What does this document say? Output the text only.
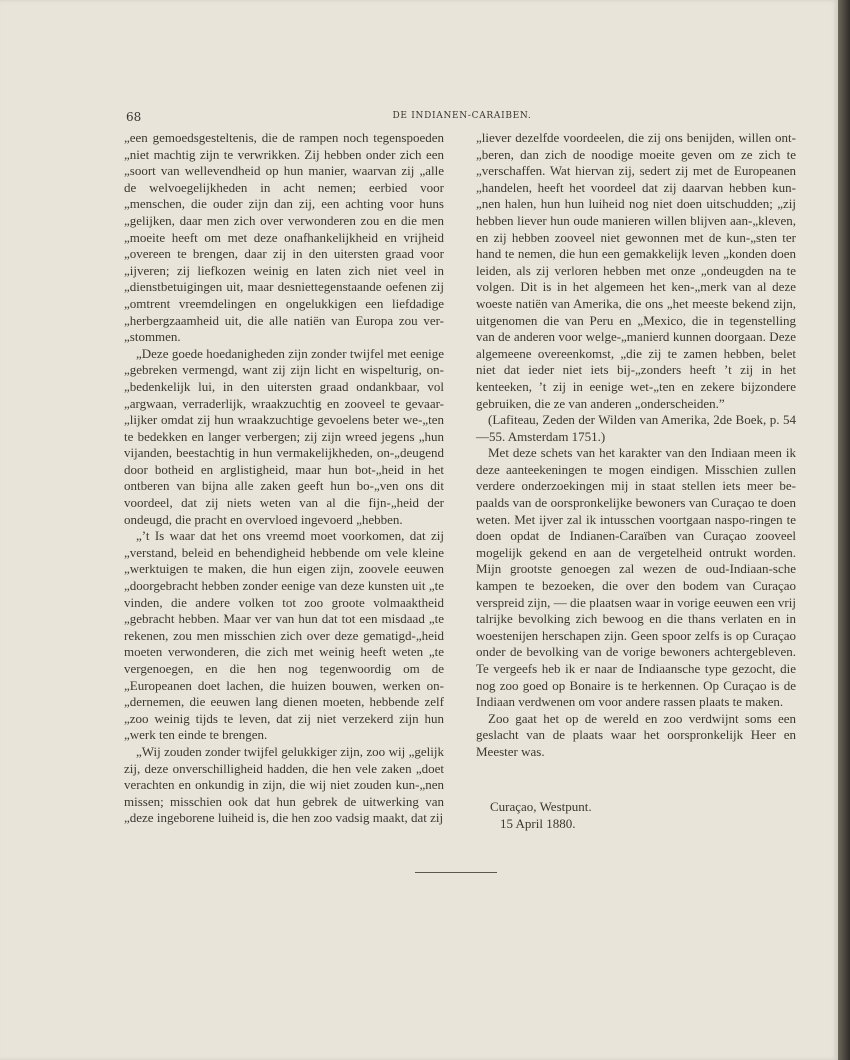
68	DE INDIANEN-CARAIBEN.

„een gemoedsgesteltenis, die de rampen noch tegenspoeden „niet machtig zijn te verwrikken. Zij hebben onder zich een „soort van wellevendheid op hun manier, waarvan zij „alle de welvoegelijkheden in acht nemen; eerbied voor „menschen, die ouder zijn dan zij, een achting voor huns „gelijken, daar men zich over verwonderen zou en die men „moeite heeft om met deze onafhankelijkheid en vrijheid „overeen te brengen, daar zij in den uitersten graad voor „ijveren; zij liefkozen weinig en laten zich niet veel in „dienstbetuigingen uit, maar desniettegenstaande oefenen zij „omtrent vreemdelingen en ongelukkigen een liefdadige „herbergzaamheid uit, die alle natiën van Europa zou ver-„stommen.

„Deze goede hoedanigheden zijn zonder twijfel met eenige „gebreken vermengd, want zij zijn licht en wispelturig, on-„bedenkelijk lui, in den uitersten graad ondankbaar, vol „argwaan, verraderlijk, wraakzuchtig en zooveel te gevaar-„lijker omdat zij hun wraakzuchtige gevoelens beter we-„ten te bedekken en langer verbergen; zij zijn wreed jegens „hun vijanden, beestachtig in hun vermakelijkheden, on-„deugend door botheid en arglistigheid, maar hun bot-„heid in het ontberen van bijna alle zaken geeft hun bo-„ven ons dit voordeel, dat zij niets weten van al die fijn-„heid der ondeugd, die pracht en overvloed ingevoerd „hebben.

„’t Is waar dat het ons vreemd moet voorkomen, dat zij „verstand, beleid en behendigheid hebbende om vele kleine „werktuigen te maken, die hun eigen zijn, zoovele eeuwen „doorgebracht hebben zonder eenige van deze kunsten uit „te vinden, die andere volken tot zoo groote volmaaktheid „gebracht hebben. Maar ver van hun dat tot een misdaad „te rekenen, zou men misschien zich over deze gematigd-„heid moeten verwonderen, die zich met weinig heeft weten „te vergenoegen, en die hen nog tegenwoordig om de „Europeanen doet lachen, die huizen bouwen, werken on-„dernemen, die eeuwen lang dienen moeten, hebbende zelf „zoo weinig tijds te leven, dat zij niet verzekerd zijn hun „werk ten einde te brengen.

„Wij zouden zonder twijfel gelukkiger zijn, zoo wij „gelijk zij, deze onverschilligheid hadden, die hen vele zaken „doet verachten en onkundig in zijn, die wij niet zouden kun-„nen missen; misschien ook dat hun gebrek de uitwerking van „deze ingeborene luiheid is, die hen zoo vadsig maakt, dat zij

„liever dezelfde voordeelen, die zij ons benijden, willen ont-„beren, dan zich de noodige moeite geven om ze zich te „verschaffen. Wat hiervan zij, sedert zij met de Europeanen „handelen, heeft het voordeel dat zij daarvan hebben kun-„nen halen, hun hun luiheid nog niet doen uitschudden; „zij hebben liever hun oude manieren willen blijven aan-„kleven, en zij hebben zooveel niet gewonnen met de kun-„sten ter hand te nemen, die hun een gemakkelijk leven „konden doen leiden, als zij verloren hebben met onze „ondeugden na te volgen. Dit is in het algemeen het ken-„merk van al deze woeste natiën van Amerika, die ons „het meeste bekend zijn, uitgenomen die van Peru en „Mexico, die in tegenstelling van de anderen voor welge-„manierd kunnen doorgaan. Deze algemeene overeenkomst, „die zij te zamen hebben, belet niet dat ieder niet iets bij-„zonders heeft ’t zij in het kenteeken, ’t zij in eenige wet-„ten en zekere bijzondere gebruiken, die ze van anderen „onderscheiden.”

(Lafiteau, Zeden der Wilden van Amerika, 2de Boek, p. 54—55. Amsterdam 1751.)

Met deze schets van het karakter van den Indiaan meen ik deze aanteekeningen te mogen eindigen. Misschien zullen verdere onderzoekingen mij in staat stellen iets meer be-paalds van de oorspronkelijke bewoners van Curaçao te doen weten. Met ijver zal ik intusschen voortgaan naspo-ringen te doen opdat de Indianen-Caraïben van Curaçao zooveel mogelijk gekend en aan de vergetelheid ontrukt worden. Mijn grootste genoegen zal wezen de oud-Indiaan-sche kampen te bezoeken, die over den bodem van Curaçao verspreid zijn, — die plaatsen waar in vorige eeuwen een vrij talrijke bevolking zich bewoog en die thans verlaten en in woestenijen herschapen zijn. Geen spoor zelfs is op Curaçao onder de bevolking van de vorige bewoners achtergebleven. Te vergeefs heb ik er naar de Indiaansche type gezocht, die nog zoo goed op Bonaire is te herkennen. Op Curaçao is de Indiaan verdwenen om voor andere rassen plaats te maken.

Zoo gaat het op de wereld en zoo verdwijnt soms een geslacht van de plaats waar het oorspronkelijk Heer en Meester was.

Curaçao, Westpunt.
15 April 1880.
